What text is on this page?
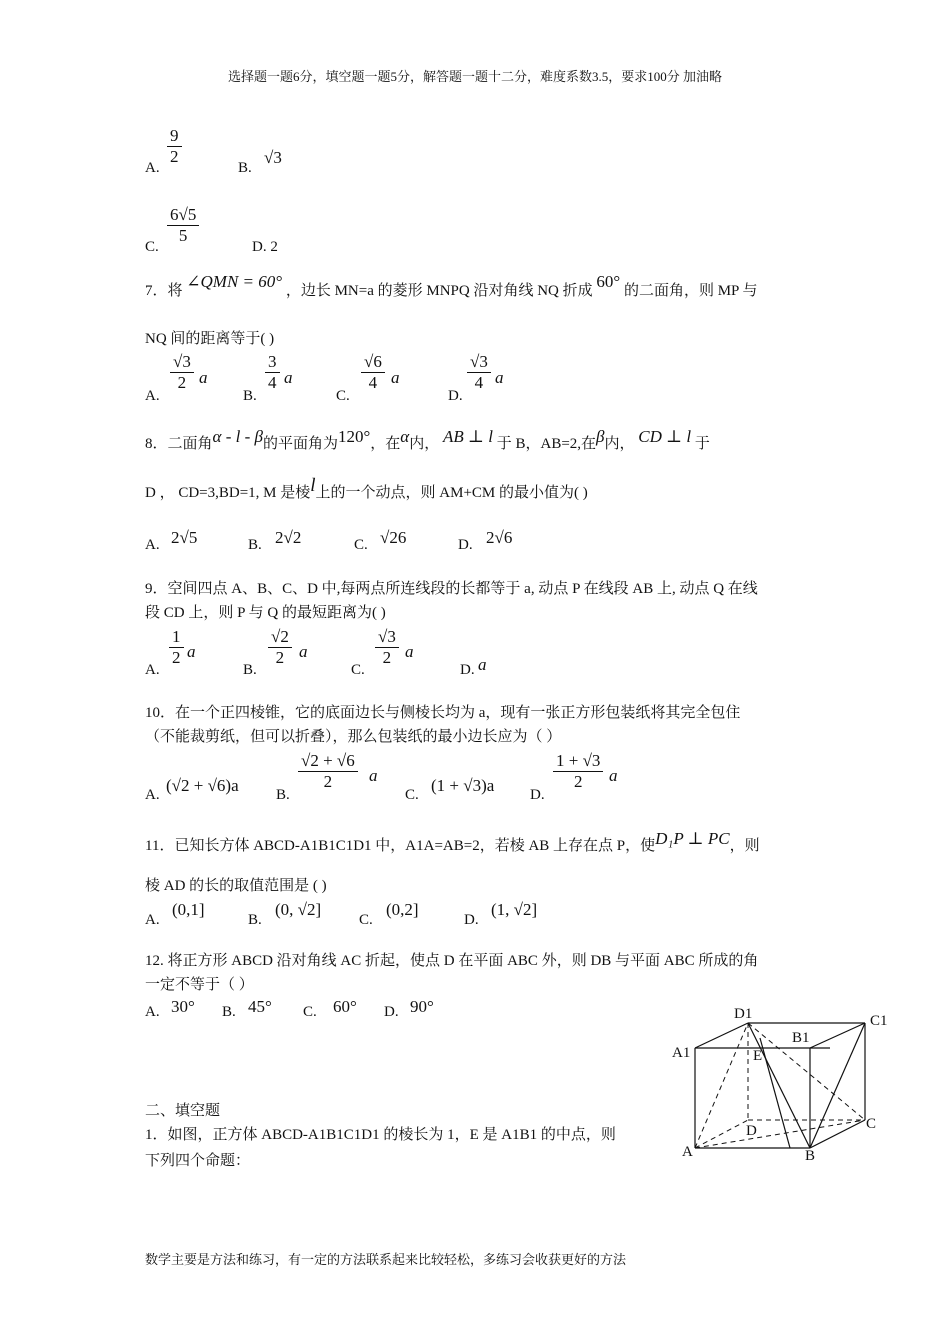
选择题一题6分，填空题一题5分，解答题一题十二分，难度系数3.5，要求100分 加油略
A.
$\frac{9}{2}$
B.
√3
C.
$\frac{6√5}{5}$
D. 2
7．将 ∠QMN = 60° ，边长 MN=a 的菱形 MNPQ 沿对角线 NQ 折成 60° 的二面角，则 MP 与
NQ 间的距离等于( )
A.
$\frac{√3}{2}$ a
B.
$\frac{3}{4}$ a
C.
$\frac{√6}{4}$ a
D.
$\frac{√3}{4}$ a
8．二面角α - l - β的平面角为120°，在α内， AB ⊥ l 于 B，AB=2,在β内， CD ⊥ l 于
D ， CD=3,BD=1, M 是棱l上的一个动点，则 AM+CM 的最小值为( )
A. 2√5	B. 2√2	C. √26	D. 2√6
9．空间四点 A、B、C、D 中,每两点所连线段的长都等于 a, 动点 P 在线段 AB 上, 动点 Q 在线
段 CD 上，则 P 与 Q 的最短距离为( )
A.
$\frac{1}{2}$ a
B.
$\frac{√2}{2}$ a
C.
$\frac{√3}{2}$ a
D. a
10．在一个正四棱锥，它的底面边长与侧棱长均为 a，现有一张正方形包装纸将其完全包住
（不能裁剪纸，但可以折叠），那么包装纸的最小边长应为（ ）
A. (√2 + √6)a B.
$\frac{√2 + √6}{2}$ a
C. (1 + √3)a D.
$\frac{1 + √3}{2}$ a
11．已知长方体 ABCD-A1B1C1D1 中，A1A=AB=2，若棱 AB 上存在点 P，使D₁P ⊥ PC，则
棱 AD 的长的取值范围是 ( )
A.
(0,1]
B.
(0, √2]
C.
(0,2]
D.
(1, √2]
12. 将正方形 ABCD 沿对角线 AC 折起，使点 D 在平面 ABC 外，则 DB 与平面 ABC 所成的角
一定不等于（ ）
A. 30° B. 45° C. 60° D. 90°
二、填空题
1．如图，正方体 ABCD-A1B1C1D1 的棱长为 1，E 是 A1B1 的中点，则
下列四个命题：
D1	C1
B1
A1	E
D	C
A	B
数学主要是方法和练习，有一定的方法联系起来比较轻松，多练习会收获更好的方法
